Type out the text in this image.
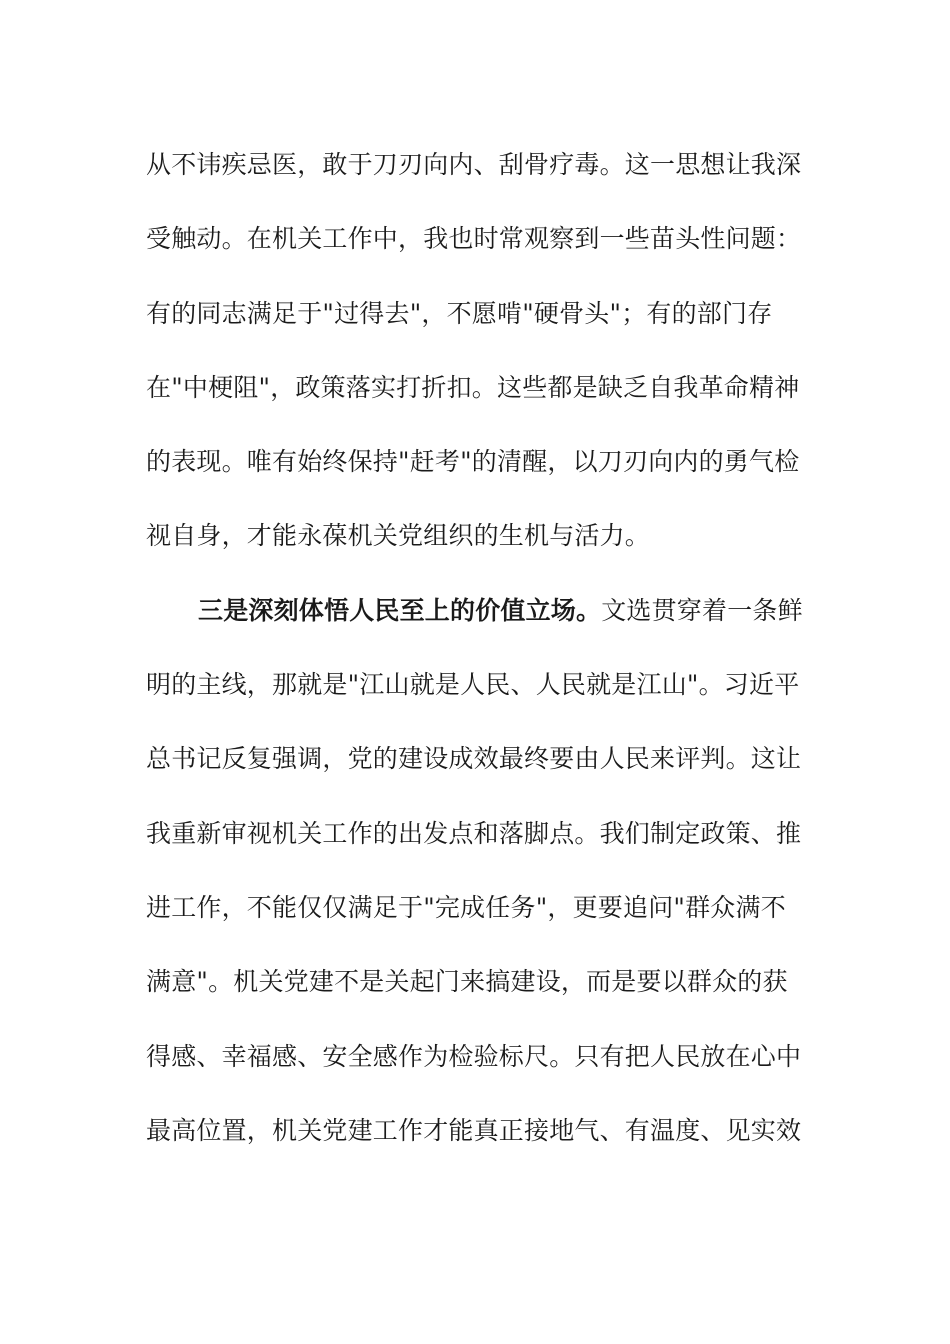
从不讳疾忌医，敢于刀刃向内、刮骨疗毒。这一思想让我深
受触动。在机关工作中，我也时常观察到一些苗头性问题：
有的同志满足于"过得去"，不愿啃"硬骨头"；有的部门存
在"中梗阻"，政策落实打折扣。这些都是缺乏自我革命精神
的表现。唯有始终保持"赶考"的清醒，以刀刃向内的勇气检
视自身，才能永葆机关党组织的生机与活力。
三是深刻体悟人民至上的价值立场。文选贯穿着一条鲜
明的主线，那就是"江山就是人民、人民就是江山"。习近平
总书记反复强调，党的建设成效最终要由人民来评判。这让
我重新审视机关工作的出发点和落脚点。我们制定政策、推
进工作，不能仅仅满足于"完成任务"，更要追问"群众满不
满意"。机关党建不是关起门来搞建设，而是要以群众的获
得感、幸福感、安全感作为检验标尺。只有把人民放在心中
最高位置，机关党建工作才能真正接地气、有温度、见实效
